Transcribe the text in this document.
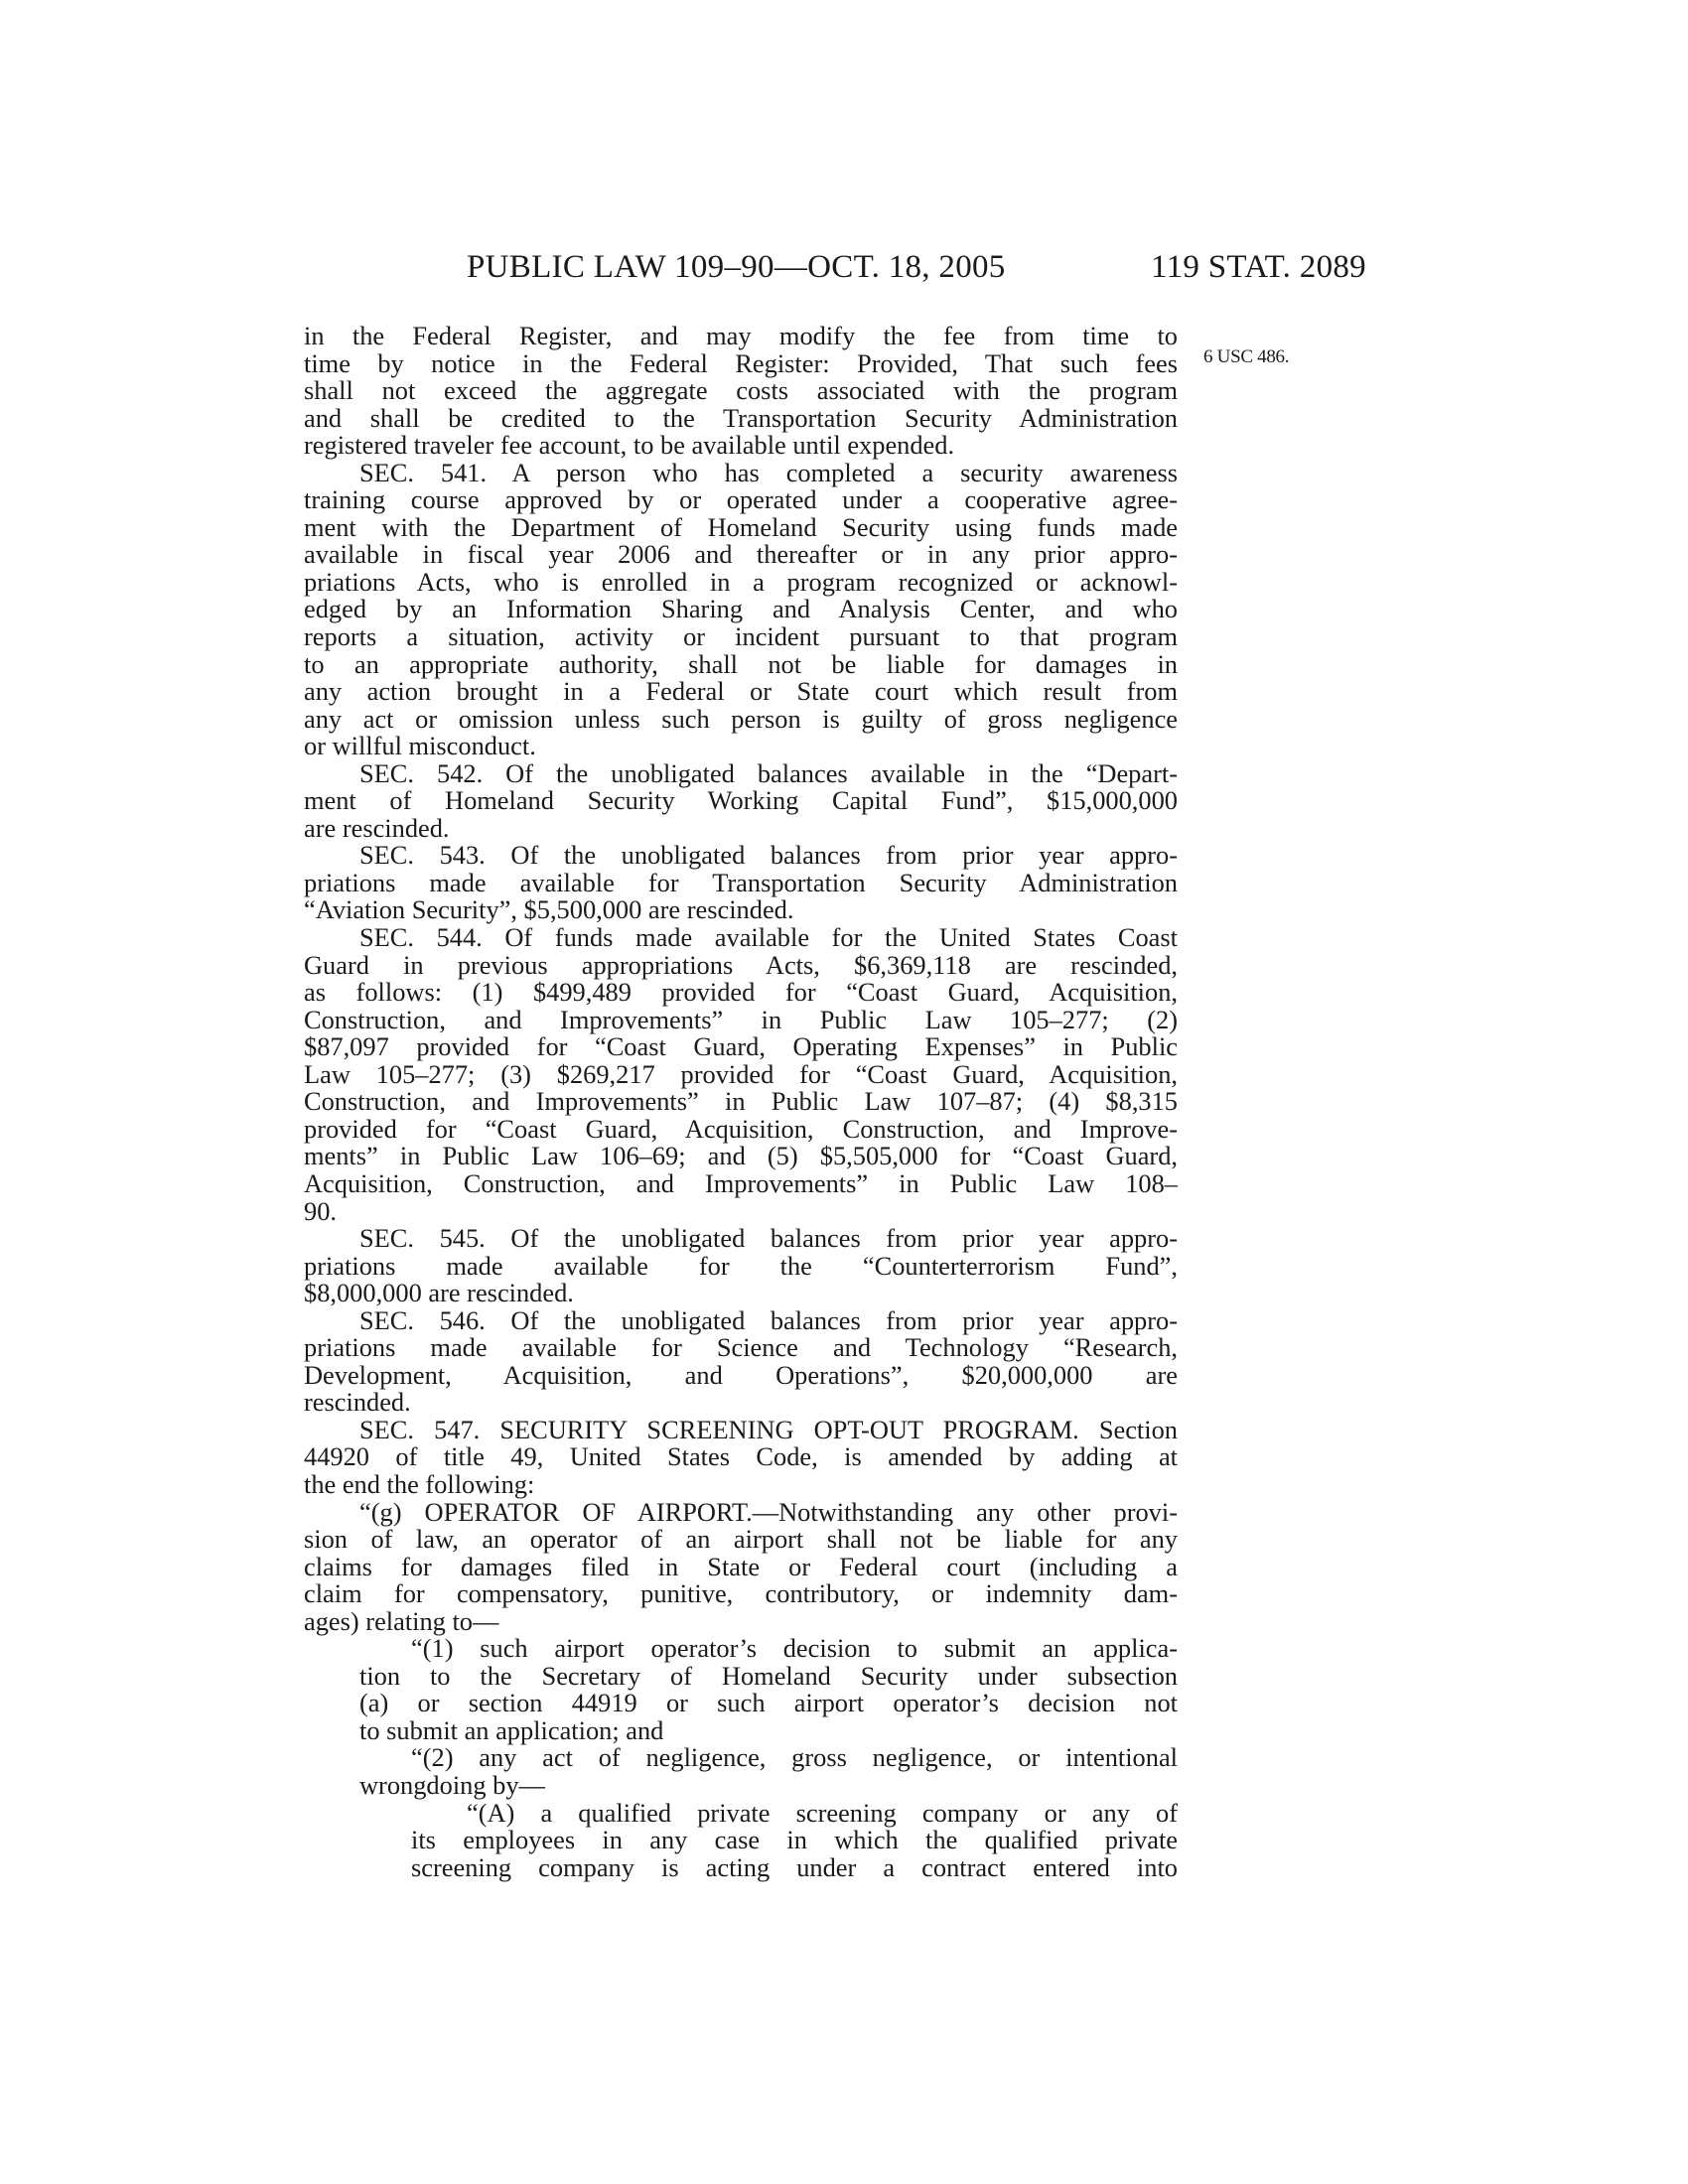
PUBLIC LAW 109–90—OCT. 18, 2005	119 STAT. 2089
6 USC 486.
in the Federal Register, and may modify the fee from time to
time by notice in the Federal Register: Provided, That such fees
shall not exceed the aggregate costs associated with the program
and shall be credited to the Transportation Security Administration
registered traveler fee account, to be available until expended.
SEC. 541. A person who has completed a security awareness
training course approved by or operated under a cooperative agree-
ment with the Department of Homeland Security using funds made
available in fiscal year 2006 and thereafter or in any prior appro-
priations Acts, who is enrolled in a program recognized or acknowl-
edged by an Information Sharing and Analysis Center, and who
reports a situation, activity or incident pursuant to that program
to an appropriate authority, shall not be liable for damages in
any action brought in a Federal or State court which result from
any act or omission unless such person is guilty of gross negligence
or willful misconduct.
SEC. 542. Of the unobligated balances available in the “Depart-
ment of Homeland Security Working Capital Fund”, $15,000,000
are rescinded.
SEC. 543. Of the unobligated balances from prior year appro-
priations made available for Transportation Security Administration
“Aviation Security”, $5,500,000 are rescinded.
SEC. 544. Of funds made available for the United States Coast
Guard in previous appropriations Acts, $6,369,118 are rescinded,
as follows: (1) $499,489 provided for “Coast Guard, Acquisition,
Construction, and Improvements” in Public Law 105–277; (2)
$87,097 provided for “Coast Guard, Operating Expenses” in Public
Law 105–277; (3) $269,217 provided for “Coast Guard, Acquisition,
Construction, and Improvements” in Public Law 107–87; (4) $8,315
provided for “Coast Guard, Acquisition, Construction, and Improve-
ments” in Public Law 106–69; and (5) $5,505,000 for “Coast Guard,
Acquisition, Construction, and Improvements” in Public Law 108–
90.
SEC. 545. Of the unobligated balances from prior year appro-
priations made available for the “Counterterrorism Fund”,
$8,000,000 are rescinded.
SEC. 546. Of the unobligated balances from prior year appro-
priations made available for Science and Technology “Research,
Development, Acquisition, and Operations”, $20,000,000 are
rescinded.
SEC. 547. SECURITY SCREENING OPT-OUT PROGRAM. Section
44920 of title 49, United States Code, is amended by adding at
the end the following:
“(g) OPERATOR OF AIRPORT.—Notwithstanding any other provi-
sion of law, an operator of an airport shall not be liable for any
claims for damages filed in State or Federal court (including a
claim for compensatory, punitive, contributory, or indemnity dam-
ages) relating to—
“(1) such airport operator’s decision to submit an applica-
tion to the Secretary of Homeland Security under subsection
(a) or section 44919 or such airport operator’s decision not
to submit an application; and
“(2) any act of negligence, gross negligence, or intentional
wrongdoing by—
“(A) a qualified private screening company or any of
its employees in any case in which the qualified private
screening company is acting under a contract entered into
